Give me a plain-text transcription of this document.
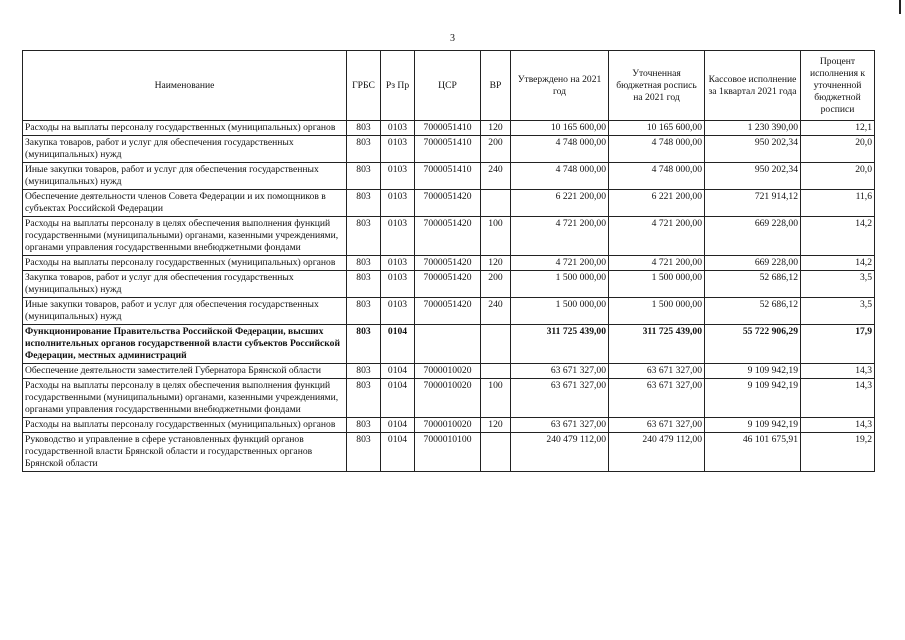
3
Наименование	ГРБС	Рз Пр	ЦСР	ВР	Утверждено на 2021 год	Уточненная бюджетная роспись на 2021 год	Кассовое исполнение за 1квартал 2021 года	Процент исполнения к уточненной бюджетной росписи
Расходы на выплаты персоналу государственных (муниципальных) органов	803	0103	7000051410	120	10 165 600,00	10 165 600,00	1 230 390,00	12,1
Закупка товаров, работ и услуг для обеспечения государственных (муниципальных) нужд	803	0103	7000051410	200	4 748 000,00	4 748 000,00	950 202,34	20,0
Иные закупки товаров, работ и услуг для обеспечения государственных (муниципальных) нужд	803	0103	7000051410	240	4 748 000,00	4 748 000,00	950 202,34	20,0
Обеспечение деятельности членов Совета Федерации и их помощников в субъектах Российской Федерации	803	0103	7000051420		6 221 200,00	6 221 200,00	721 914,12	11,6
Расходы на выплаты персоналу в целях обеспечения выполнения функций государственными (муниципальными) органами, казенными учреждениями, органами управления государственными внебюджетными фондами	803	0103	7000051420	100	4 721 200,00	4 721 200,00	669 228,00	14,2
Расходы на выплаты персоналу государственных (муниципальных) органов	803	0103	7000051420	120	4 721 200,00	4 721 200,00	669 228,00	14,2
Закупка товаров, работ и услуг для обеспечения государственных (муниципальных) нужд	803	0103	7000051420	200	1 500 000,00	1 500 000,00	52 686,12	3,5
Иные закупки товаров, работ и услуг для обеспечения государственных (муниципальных) нужд	803	0103	7000051420	240	1 500 000,00	1 500 000,00	52 686,12	3,5
Функционирование Правительства Российской Федерации, высших исполнительных органов государственной власти субъектов Российской Федерации, местных администраций	803	0104			311 725 439,00	311 725 439,00	55 722 906,29	17,9
Обеспечение деятельности заместителей Губернатора Брянской области	803	0104	7000010020		63 671 327,00	63 671 327,00	9 109 942,19	14,3
Расходы на выплаты персоналу в целях обеспечения выполнения функций государственными (муниципальными) органами, казенными учреждениями, органами управления государственными внебюджетными фондами	803	0104	7000010020	100	63 671 327,00	63 671 327,00	9 109 942,19	14,3
Расходы на выплаты персоналу государственных (муниципальных) органов	803	0104	7000010020	120	63 671 327,00	63 671 327,00	9 109 942,19	14,3
Руководство и управление в сфере установленных функций органов государственной власти Брянской области и государственных органов Брянской области	803	0104	7000010100		240 479 112,00	240 479 112,00	46 101 675,91	19,2
